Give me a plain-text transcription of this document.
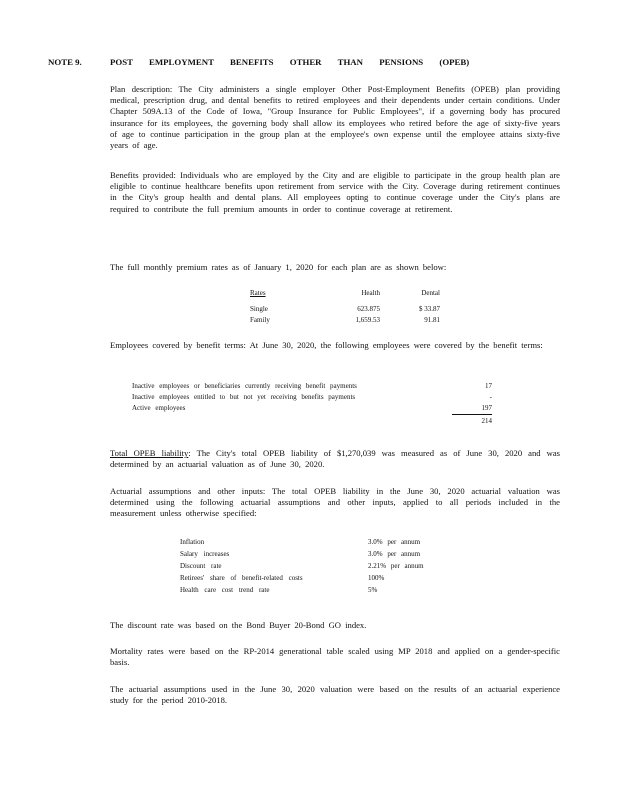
NOTE 9.	POST EMPLOYMENT BENEFITS OTHER THAN PENSIONS (OPEB)
Plan description: The City administers a single employer Other Post-Employment Benefits (OPEB) plan providing medical, prescription drug, and dental benefits to retired employees and their dependents under certain conditions. Under Chapter 509A.13 of the Code of Iowa, "Group Insurance for Public Employees", if a governing body has procured insurance for its employees, the governing body shall allow its employees who retired before the age of sixty-five years of age to continue participation in the group plan at the employee's own expense until the employee attains sixty-five years of age.
Benefits provided: Individuals who are employed by the City and are eligible to participate in the group health plan are eligible to continue healthcare benefits upon retirement from service with the City. Coverage during retirement continues in the City's group health and dental plans. All employees opting to continue coverage under the City's plans are required to contribute the full premium amounts in order to continue coverage at retirement.
The full monthly premium rates as of January 1, 2020 for each plan are as shown below:
Rates	Health	Dental
Single	623.875	$ 33.87
Family	1,659.53	91.81
Employees covered by benefit terms: At June 30, 2020, the following employees were covered by the benefit terms:
Inactive employees or beneficiaries currently receiving benefit payments	17
Inactive employees entitled to but not yet receiving benefits payments	-
Active employees	197
	214
Total OPEB liability: The City's total OPEB liability of $1,270,039 was measured as of June 30, 2020 and was determined by an actuarial valuation as of June 30, 2020.
Actuarial assumptions and other inputs: The total OPEB liability in the June 30, 2020 actuarial valuation was determined using the following actuarial assumptions and other inputs, applied to all periods included in the measurement unless otherwise specified:
Inflation	3.0% per annum
Salary increases	3.0% per annum
Discount rate	2.21% per annum
Retirees' share of benefit-related costs	100%
Health care cost trend rate	5%
The discount rate was based on the Bond Buyer 20-Bond GO index.
Mortality rates were based on the RP-2014 generational table scaled using MP 2018 and applied on a gender-specific basis.
The actuarial assumptions used in the June 30, 2020 valuation were based on the results of an actuarial experience study for the period 2010-2018.
